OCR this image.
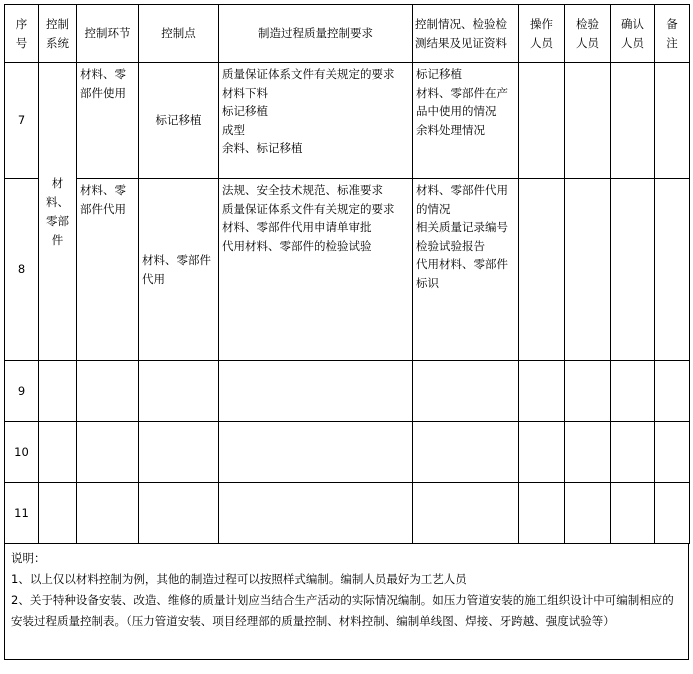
序号	控制系统	控制环节	控制点	制造过程质量控制要求	控制情况、检验检测结果及见证资料	操作人员	检验人员	确认人员	备注
7	材料、零部件	材料、零部件使用	标记移植	质量保证体系文件有关规定的要求
材料下料
标记移植
成型
余料、标记移植	标记移植
材料、零部件在产品中使用的情况
余料处理情况				

8		材料、零部件代用	材料、零部件代用	法规、安全技术规范、标准要求
质量保证体系文件有关规定的要求
材料、零部件代用申请单审批
代用材料、零部件的检验试验	材料、零部件代用的情况
相关质量记录编号
检验试验报告
代用材料、零部件标识				

9									
10									
11									
说明：
1、以上仅以材料控制为例，其他的制造过程可以按照样式编制。编制人员最好为工艺人员
2、关于特种设备安装、改造、维修的质量计划应当结合生产活动的实际情况编制。如压力管道安装的施工组织设计中可编制相应的安装过程质量控制表。（压力管道安装、项目经理部的质量控制、材料控制、编制单线图、焊接、牙跨越、强度试验等）
